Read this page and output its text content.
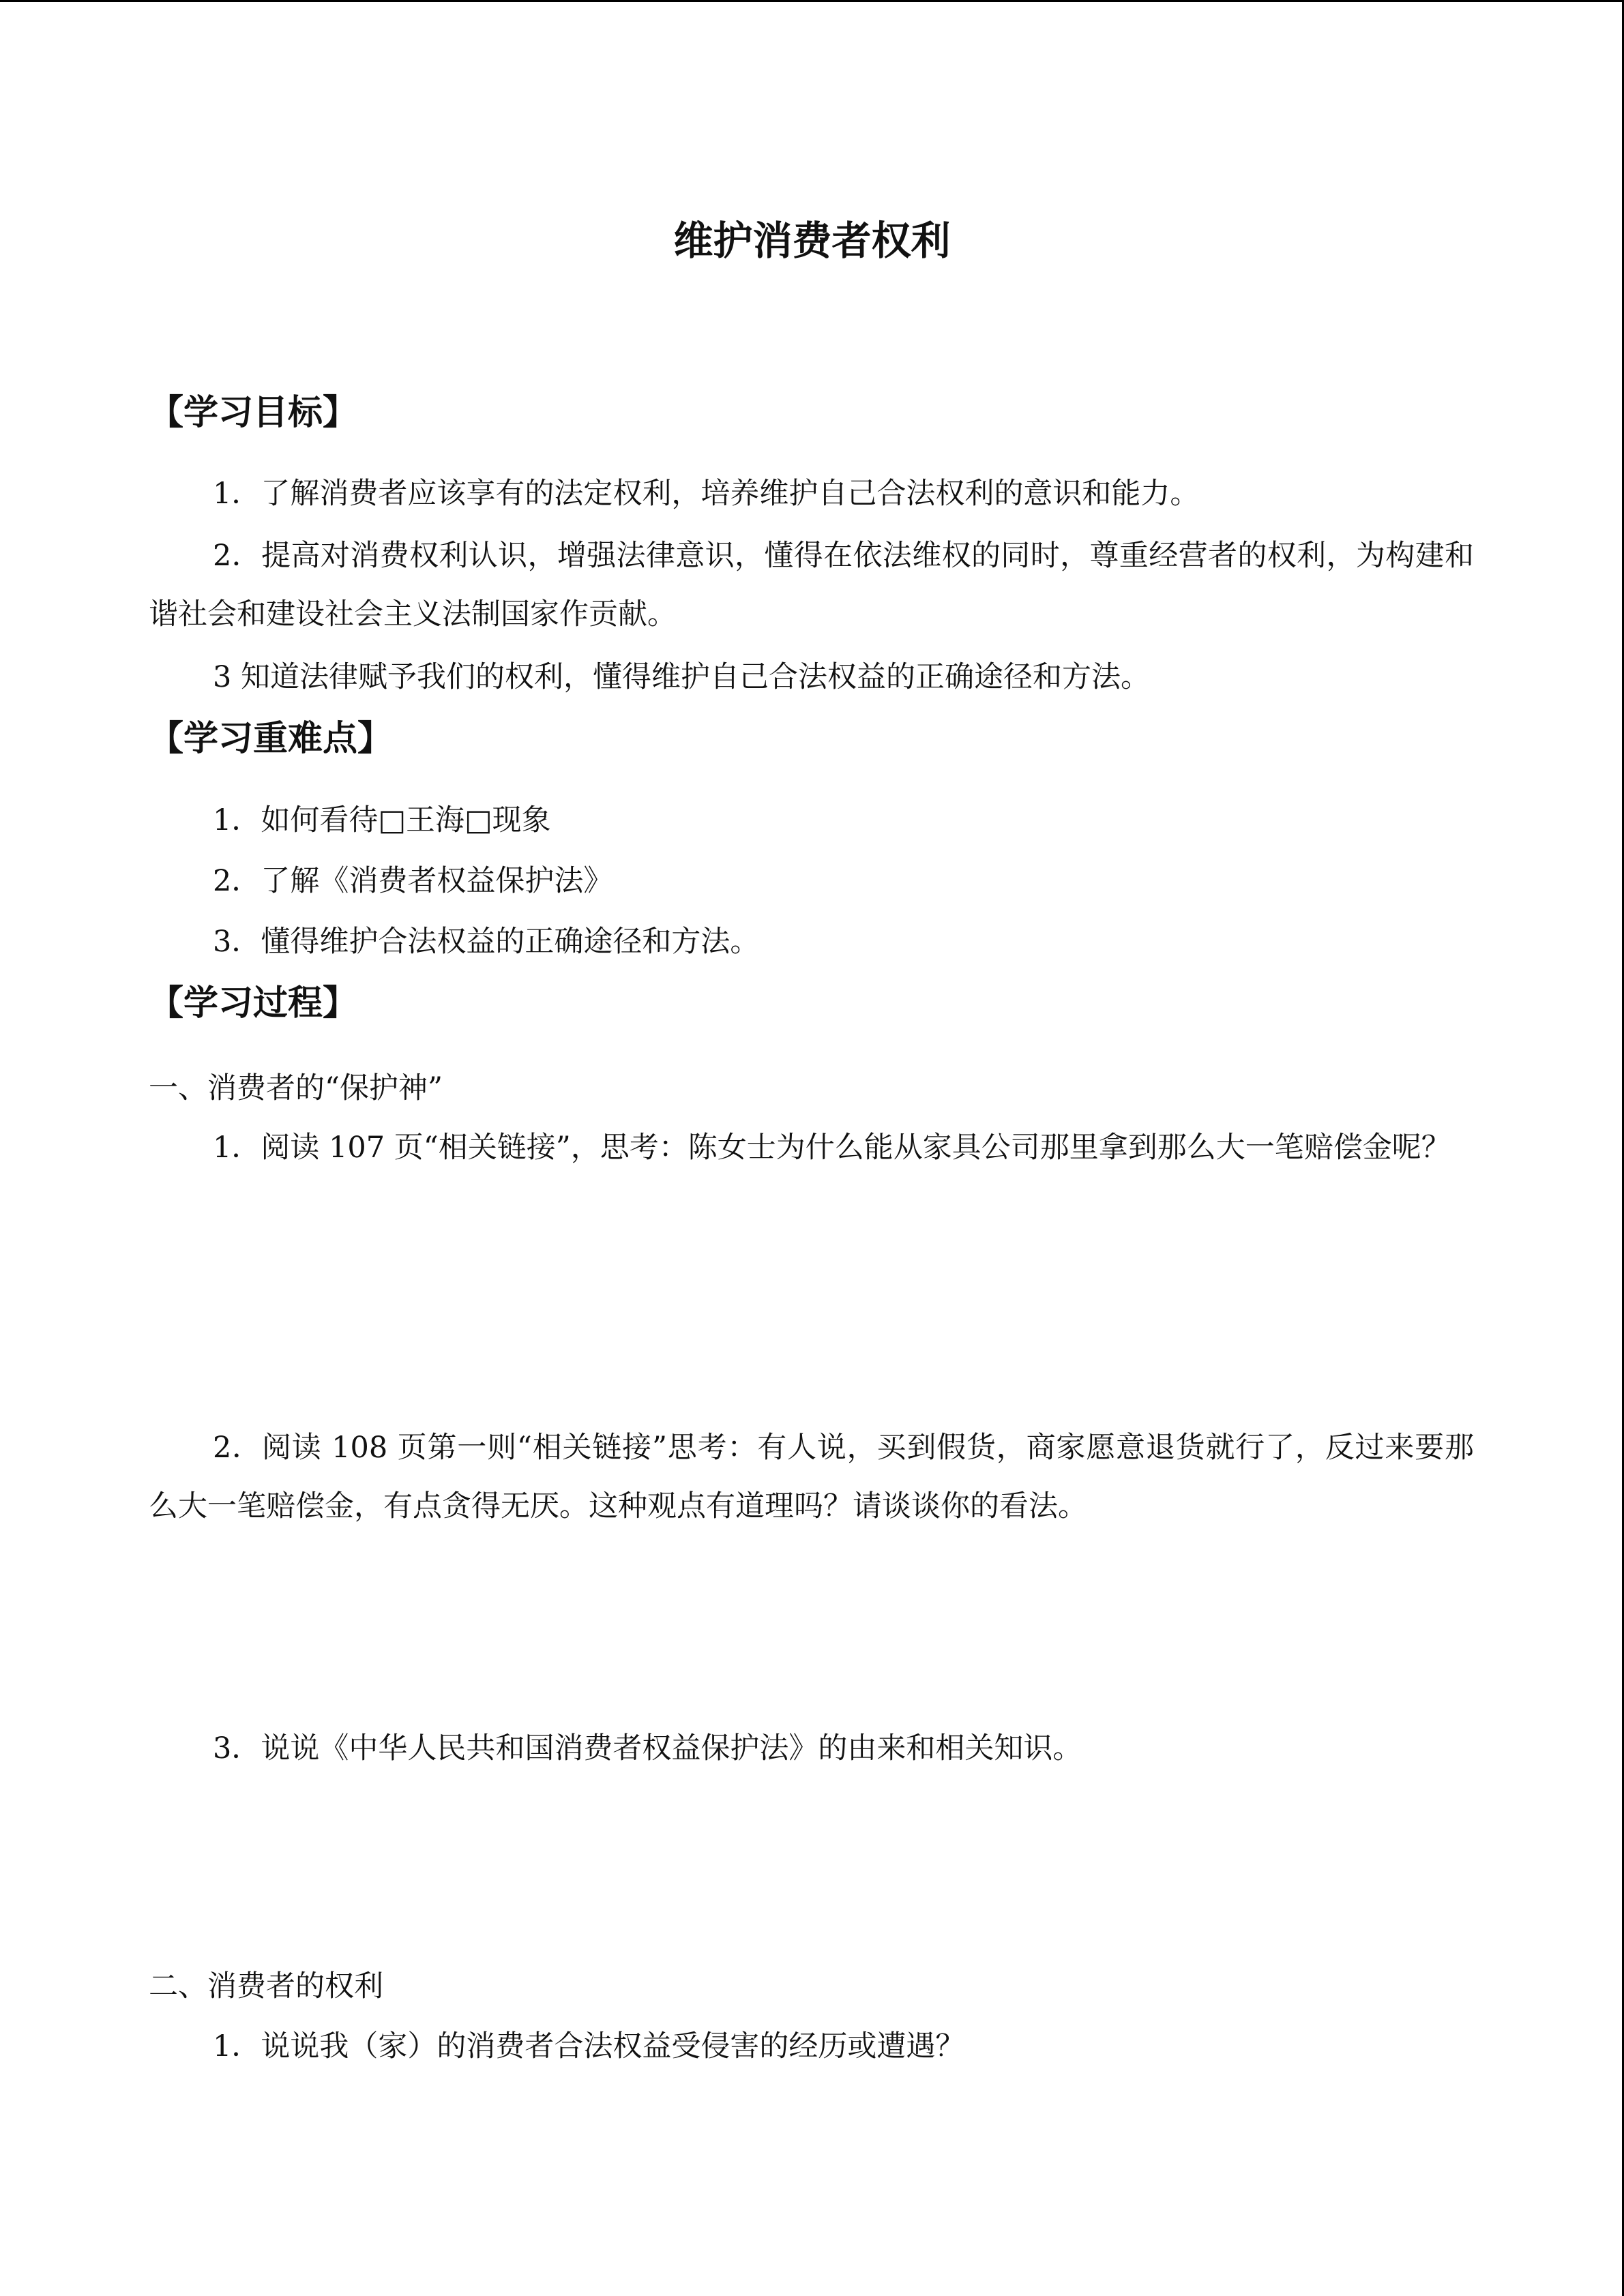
维护消费者权利
【学习目标】
1．了解消费者应该享有的法定权利，培养维护自己合法权利的意识和能力。
2．提高对消费权利认识，增强法律意识，懂得在依法维权的同时，尊重经营者的权利，为构建和谐社会和建设社会主义法制国家作贡献。
3 知道法律赋予我们的权利，懂得维护自己合法权益的正确途径和方法。
【学习重难点】
1．如何看待□王海□现象
2．了解《消费者权益保护法》
3．懂得维护合法权益的正确途径和方法。
【学习过程】
一、消费者的“保护神”
1．阅读 107 页“相关链接”，思考：陈女士为什么能从家具公司那里拿到那么大一笔赔偿金呢？
2．阅读 108 页第一则“相关链接”思考：有人说，买到假货，商家愿意退货就行了，反过来要那么大一笔赔偿金，有点贪得无厌。这种观点有道理吗？请谈谈你的看法。
3．说说《中华人民共和国消费者权益保护法》的由来和相关知识。
二、消费者的权利
1．说说我（家）的消费者合法权益受侵害的经历或遭遇？
